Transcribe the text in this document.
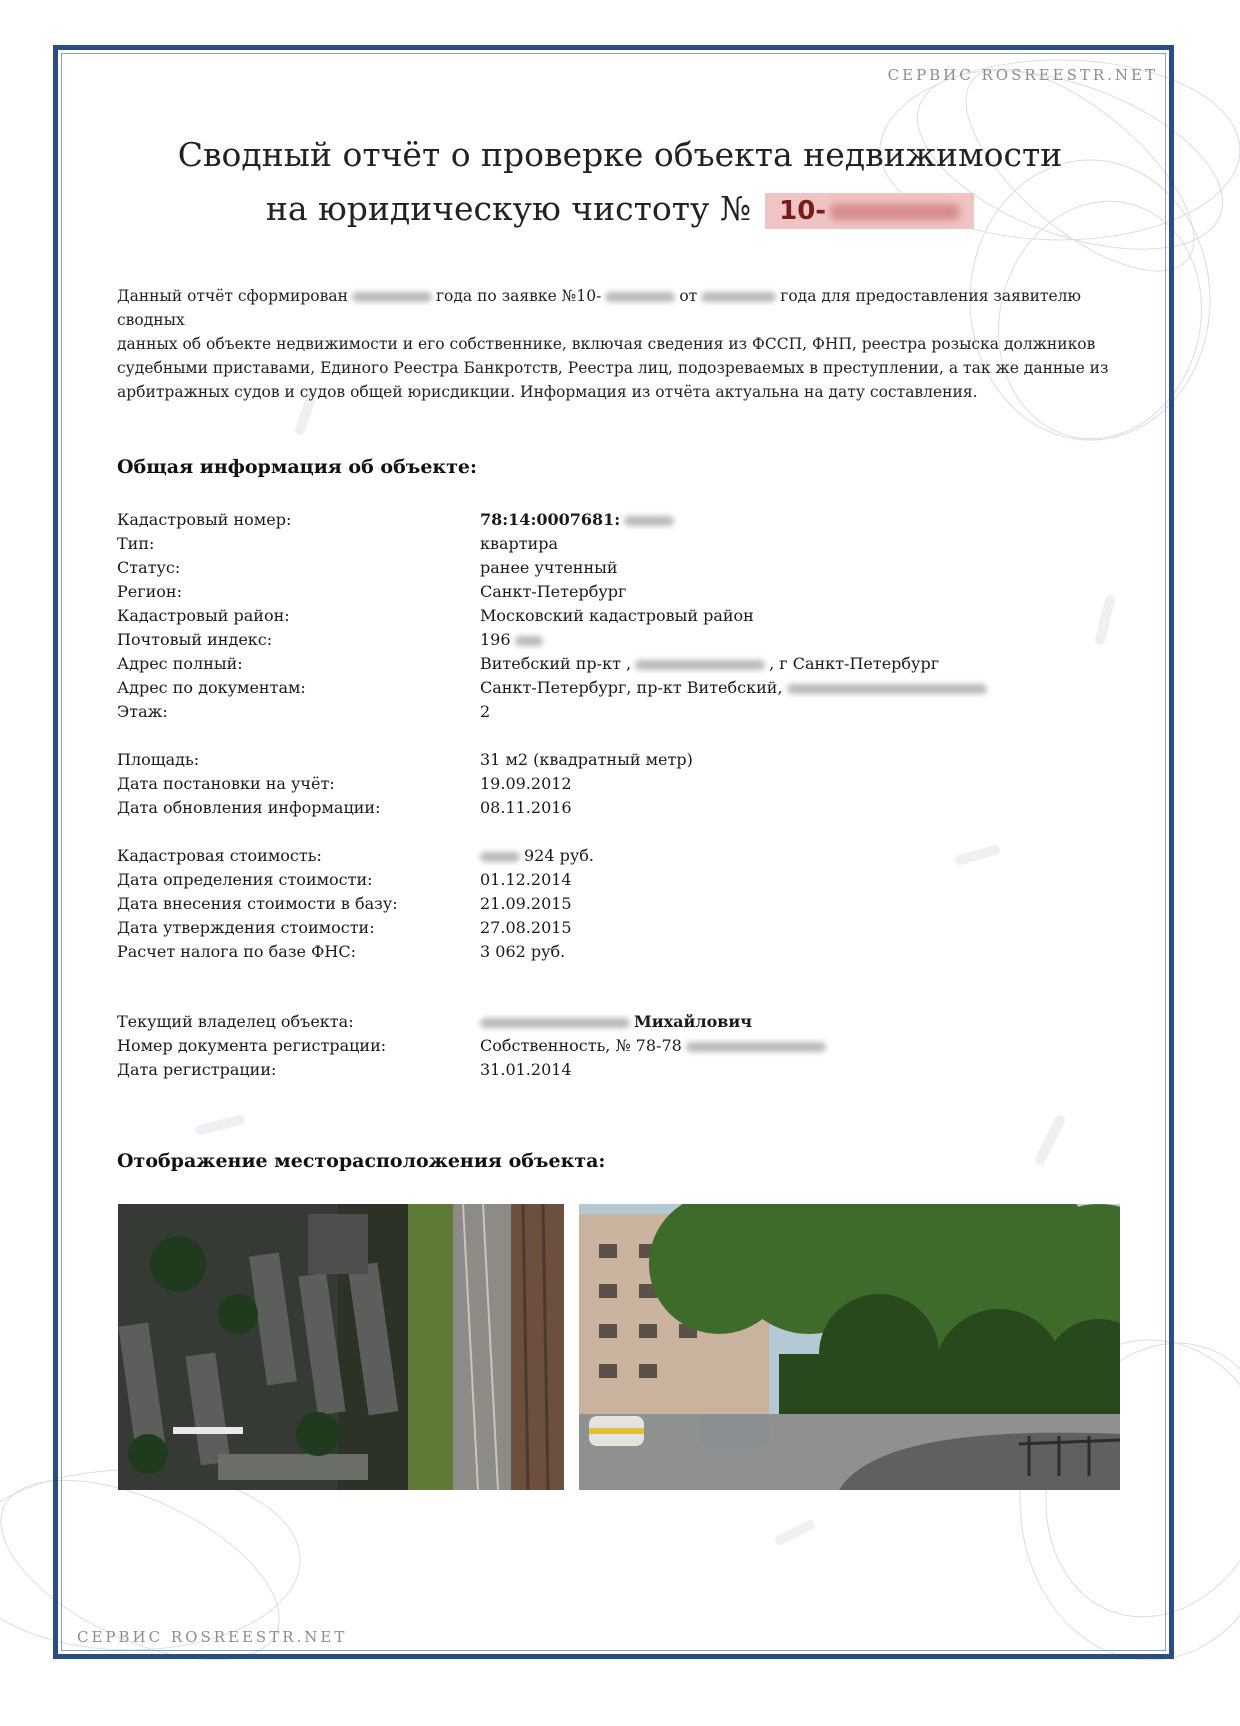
СЕРВИС ROSREESTR.NET
Сводный отчёт о проверке объекта недвижимости
на юридическую чистоту № 10-
Данный отчёт сформирован	года по заявке №10-	от	года для предоставления заявителю сводных
данных об объекте недвижимости и его собственнике, включая сведения из ФССП, ФНП, реестра розыска должников
судебными приставами, Единого Реестра Банкротств, Реестра лиц, подозреваемых в преступлении, а так же данные из
арбитражных судов и судов общей юрисдикции. Информация из отчёта актуальна на дату составления.
Общая информация об объекте:
Кадастровый номер:	78:14:0007681:
Тип:	квартира
Статус:	ранее учтенный
Регион:	Санкт-Петербург
Кадастровый район:	Московский кадастровый район
Почтовый индекс:	196
Адрес полный:	Витебский пр-кт ,	, г Санкт-Петербург
Адрес по документам:	Санкт-Петербург, пр-кт Витебский,
Этаж:	2
Площадь:	31 м2 (квадратный метр)
Дата постановки на учёт:	19.09.2012
Дата обновления информации:	08.11.2016
Кадастровая стоимость:	924 руб.
Дата определения стоимости:	01.12.2014
Дата внесения стоимости в базу:	21.09.2015
Дата утверждения стоимости:	27.08.2015
Расчет налога по базе ФНС:	3 062 руб.
Текущий владелец объекта:	Михайлович
Номер документа регистрации:	Собственность, № 78-78
Дата регистрации:	31.01.2014
Отображение месторасположения объекта:
СЕРВИС ROSREESTR.NET
